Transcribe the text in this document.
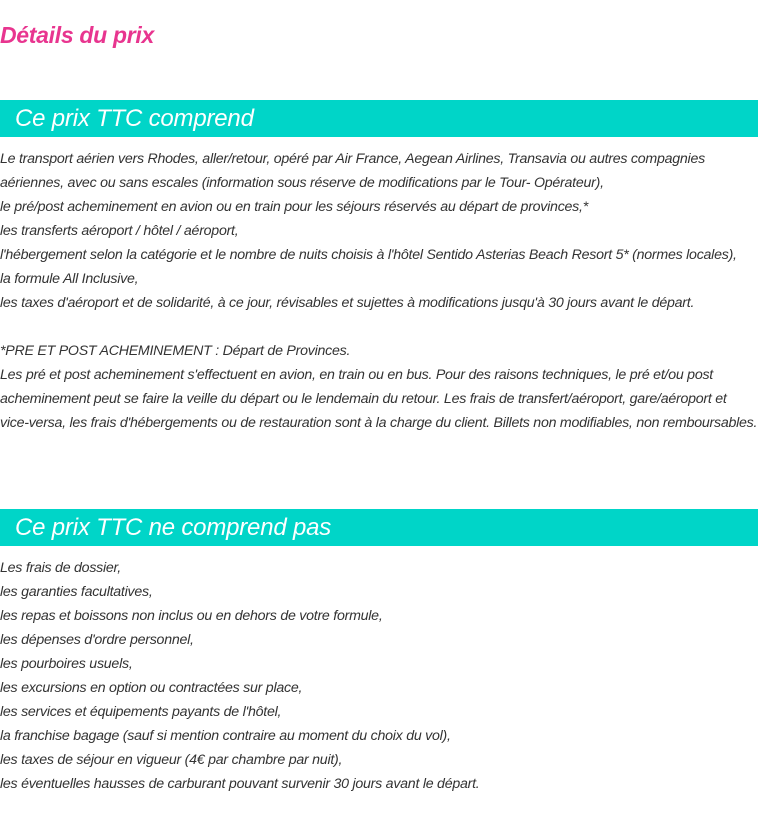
Détails du prix
Ce prix TTC comprend

Le transport aérien vers Rhodes, aller/retour, opéré par Air France, Aegean Airlines, Transavia ou autres compagnies aériennes, avec ou sans escales (information sous réserve de modifications par le Tour- Opérateur),

le pré/post acheminement en avion ou en train pour les séjours réservés au départ de provinces,*

les transferts aéroport / hôtel / aéroport,

l'hébergement selon la catégorie et le nombre de nuits choisis à l'hôtel Sentido Asterias Beach Resort 5* (normes locales),

la formule All Inclusive,

les taxes d'aéroport et de solidarité, à ce jour, révisables et sujettes à modifications jusqu'à 30 jours avant le départ.

*PRE ET POST ACHEMINEMENT : Départ de Provinces.

Les pré et post acheminement s'effectuent en avion, en train ou en bus. Pour des raisons techniques, le pré et/ou post acheminement peut se faire la veille du départ ou le lendemain du retour. Les frais de transfert/aéroport, gare/aéroport et vice-versa, les frais d'hébergements ou de restauration sont à la charge du client. Billets non modifiables, non remboursables.

Ce prix TTC ne comprend pas

Les frais de dossier,

les garanties facultatives,

les repas et boissons non inclus ou en dehors de votre formule,

les dépenses d'ordre personnel,

les pourboires usuels,

les excursions en option ou contractées sur place,

les services et équipements payants de l'hôtel,

la franchise bagage (sauf si mention contraire au moment du choix du vol),

les taxes de séjour en vigueur (4€ par chambre par nuit),

les éventuelles hausses de carburant pouvant survenir 30 jours avant le départ.
